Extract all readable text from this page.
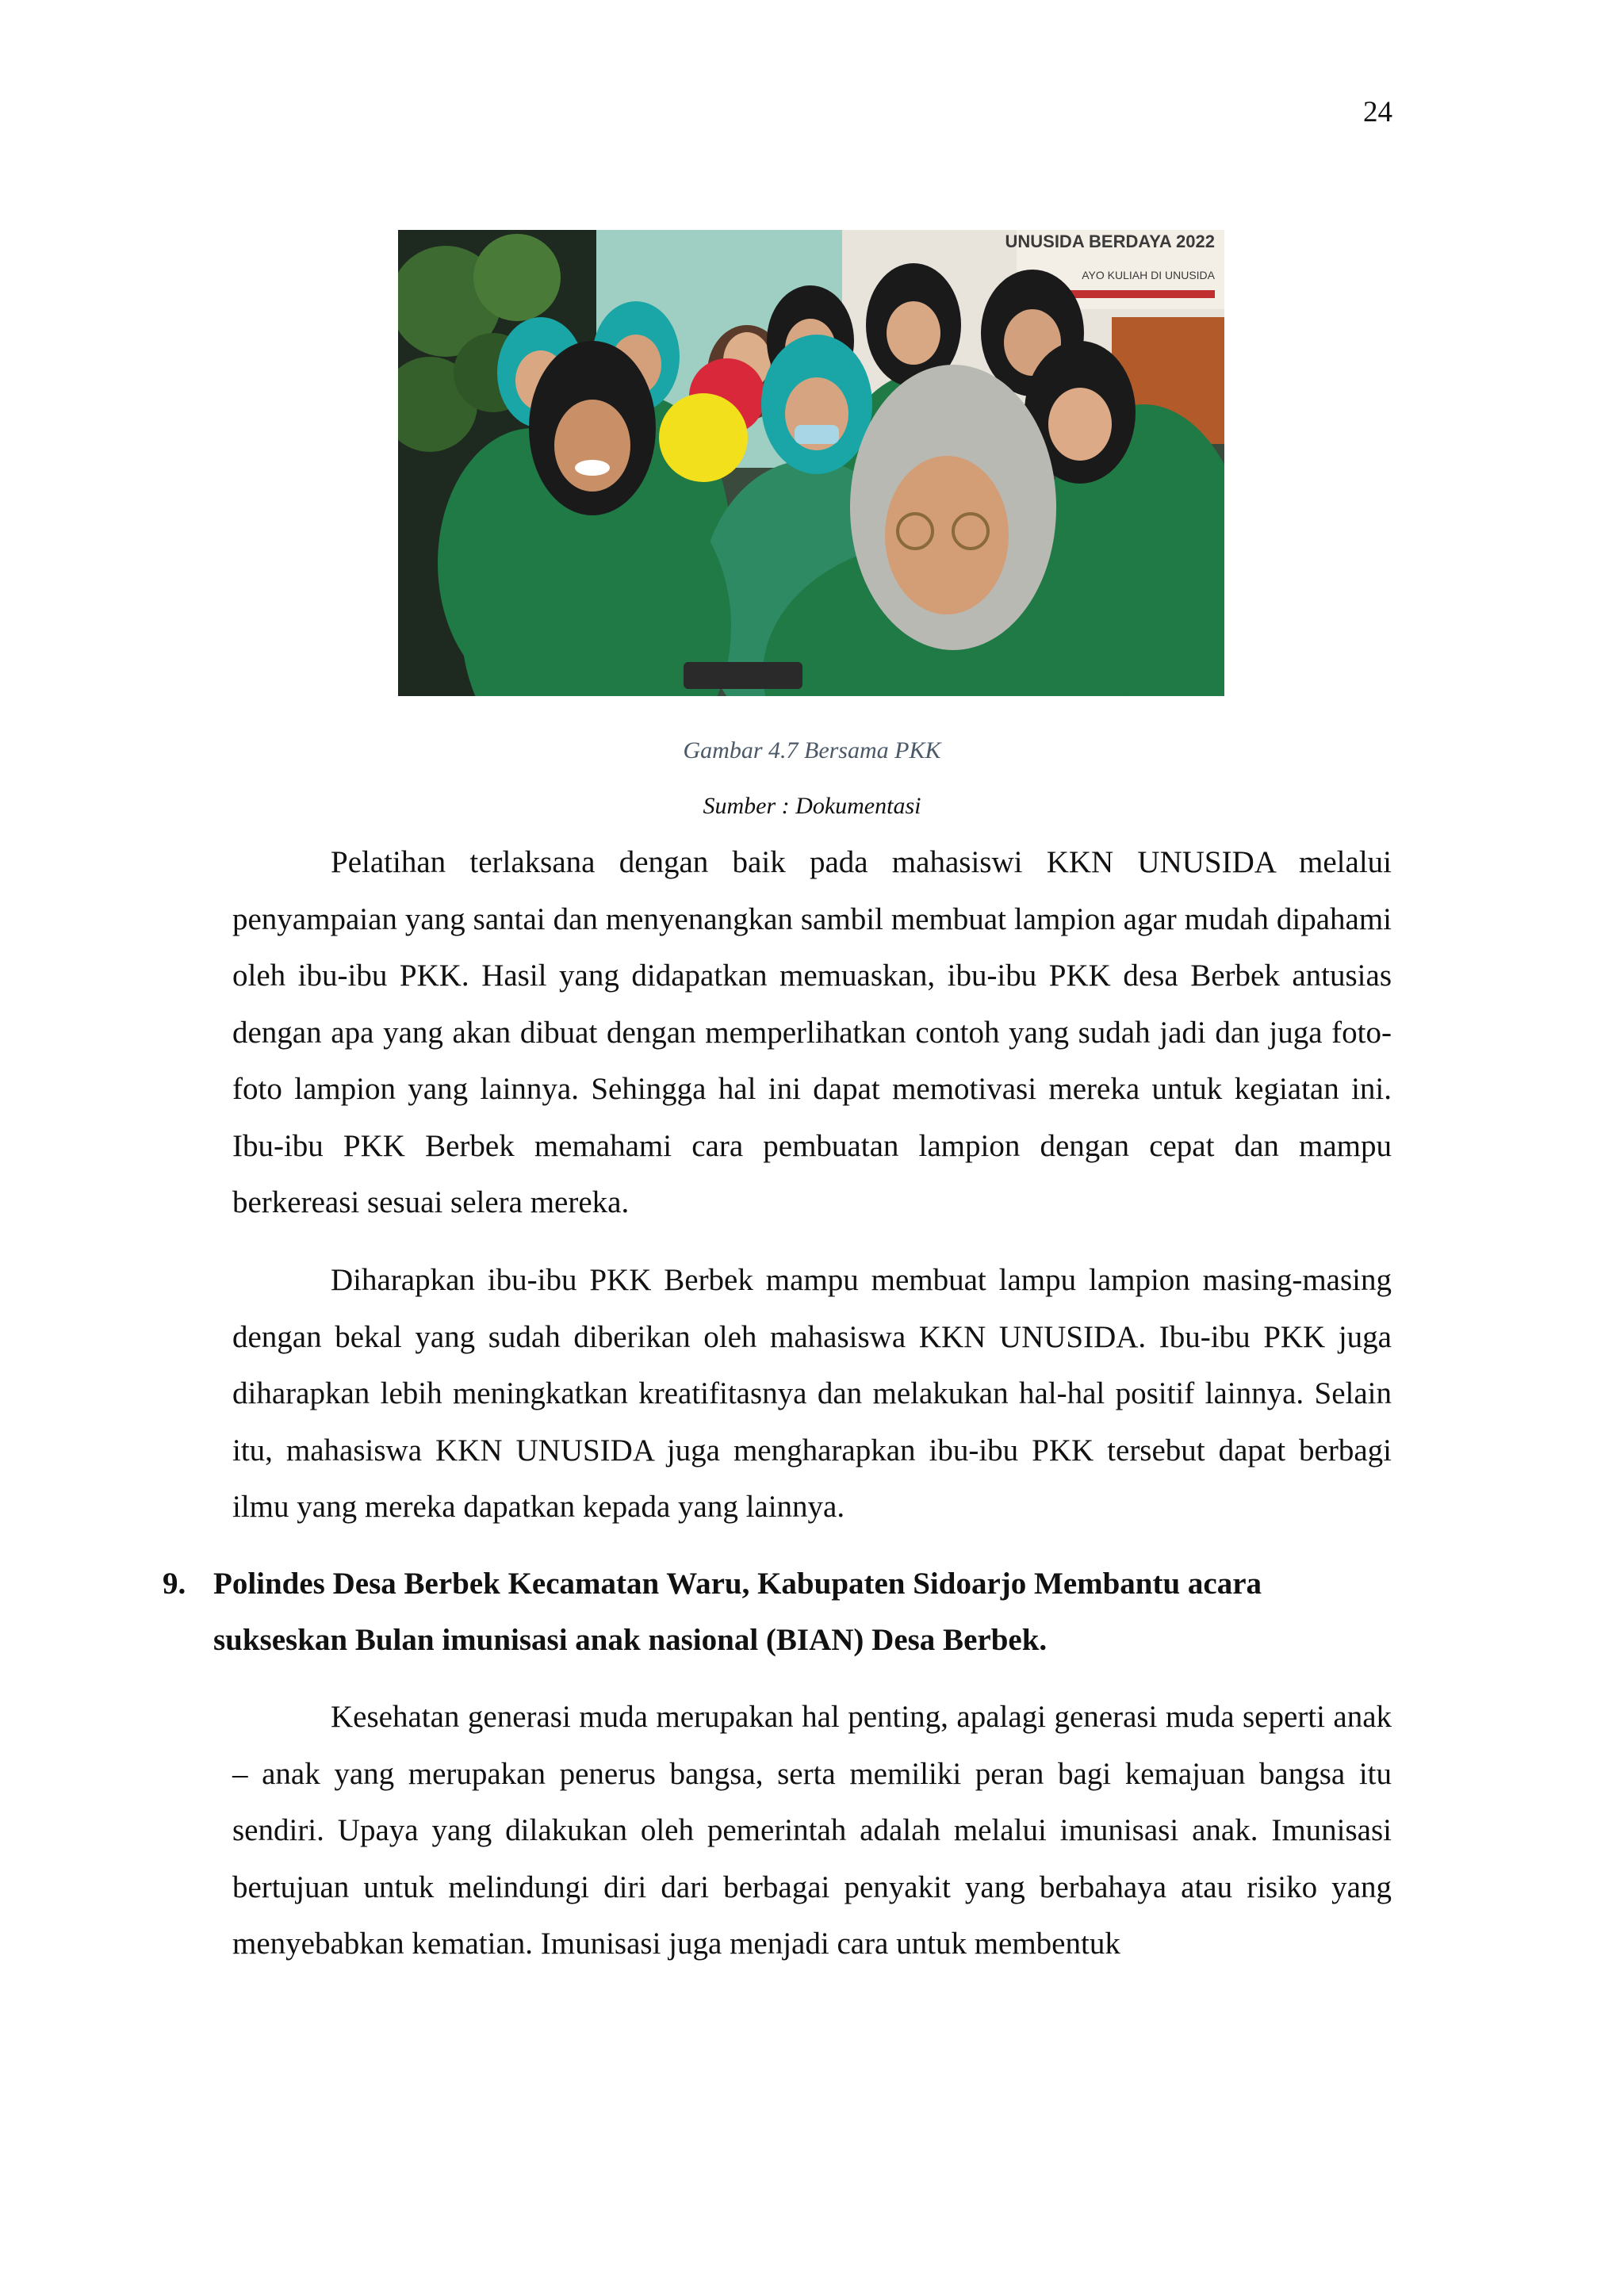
24
UNUSIDA BERDAYA 2022
AYO KULIAH DI UNUSIDA
Gambar 4.7 Bersama PKK
Sumber : Dokumentasi

Pelatihan terlaksana dengan baik pada mahasiswi KKN UNUSIDA melalui penyampaian yang santai dan menyenangkan sambil membuat lampion agar mudah dipahami oleh ibu-ibu PKK. Hasil yang didapatkan memuaskan, ibu-ibu PKK desa Berbek antusias dengan apa yang akan dibuat dengan memperlihatkan contoh yang sudah jadi dan juga foto-foto lampion yang lainnya. Sehingga hal ini dapat memotivasi mereka untuk kegiatan ini. Ibu-ibu PKK Berbek memahami cara pembuatan lampion dengan cepat dan mampu berkereasi sesuai selera mereka.

Diharapkan ibu-ibu PKK Berbek mampu membuat lampu lampion masing-masing dengan bekal yang sudah diberikan oleh mahasiswa KKN UNUSIDA. Ibu-ibu PKK juga diharapkan lebih meningkatkan kreatifitasnya dan melakukan hal-hal positif lainnya. Selain itu, mahasiswa KKN UNUSIDA juga mengharapkan ibu-ibu PKK tersebut dapat berbagi ilmu yang mereka dapatkan kepada yang lainnya.

9. Polindes Desa Berbek Kecamatan Waru, Kabupaten Sidoarjo Membantu acara sukseskan Bulan imunisasi anak nasional (BIAN) Desa Berbek.

Kesehatan generasi muda merupakan hal penting, apalagi generasi muda seperti anak – anak yang merupakan penerus bangsa, serta memiliki peran bagi kemajuan bangsa itu sendiri. Upaya yang dilakukan oleh pemerintah adalah melalui imunisasi anak. Imunisasi bertujuan untuk melindungi diri dari berbagai penyakit yang berbahaya atau risiko yang menyebabkan kematian. Imunisasi juga menjadi cara untuk membentuk
